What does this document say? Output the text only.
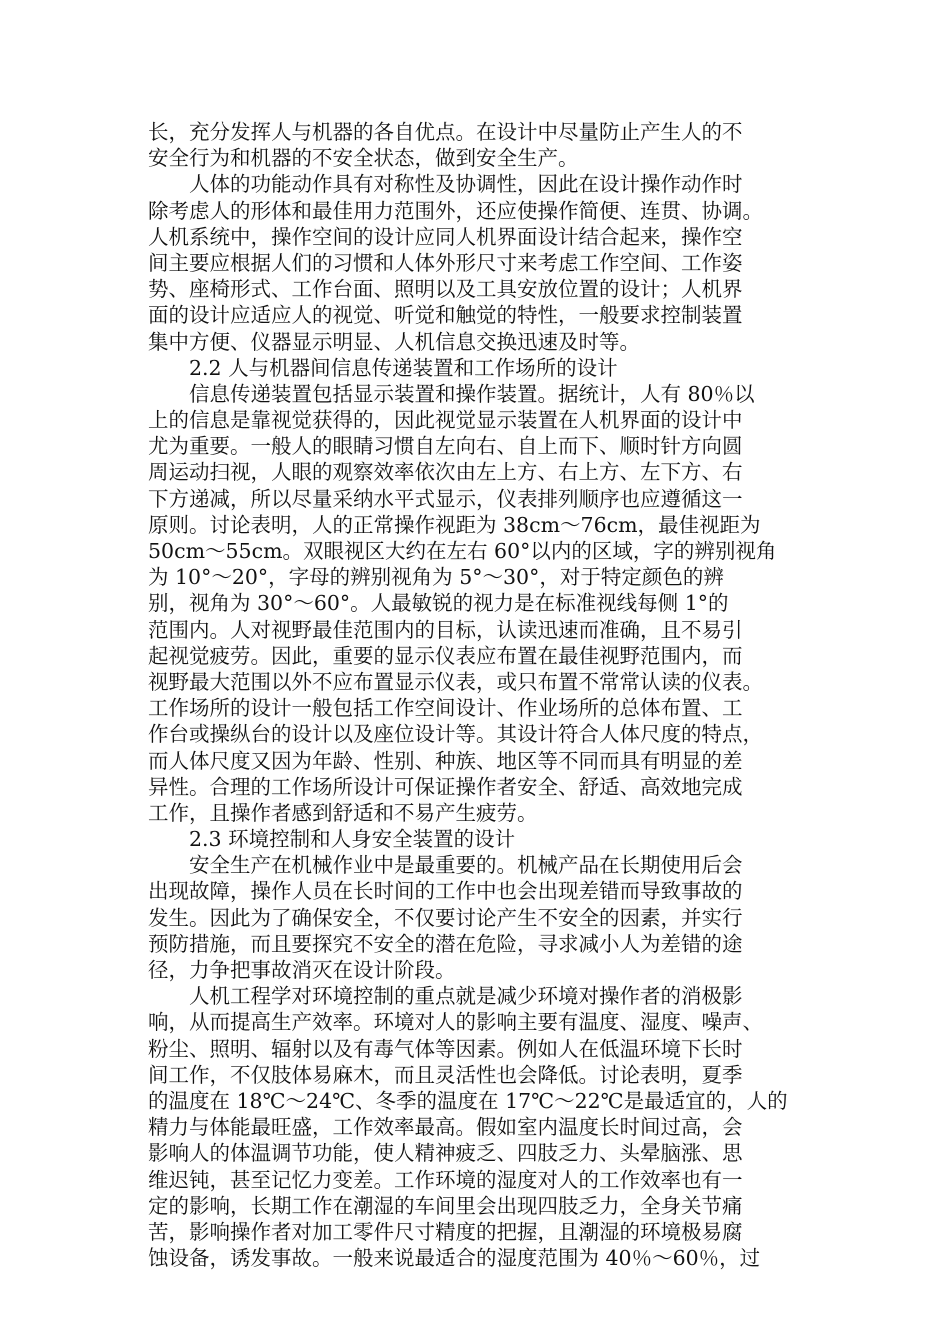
长，充分发挥人与机器的各自优点。在设计中尽量防止产生人的不
安全行为和机器的不安全状态，做到安全生产。
人体的功能动作具有对称性及协调性，因此在设计操作动作时
除考虑人的形体和最佳用力范围外，还应使操作简便、连贯、协调。
人机系统中，操作空间的设计应同人机界面设计结合起来，操作空
间主要应根据人们的习惯和人体外形尺寸来考虑工作空间、工作姿
势、座椅形式、工作台面、照明以及工具安放位置的设计；人机界
面的设计应适应人的视觉、听觉和触觉的特性，一般要求控制装置
集中方便、仪器显示明显、人机信息交换迅速及时等。
2.2 人与机器间信息传递装置和工作场所的设计
信息传递装置包括显示装置和操作装置。据统计，人有 80％以
上的信息是靠视觉获得的，因此视觉显示装置在人机界面的设计中
尤为重要。一般人的眼睛习惯自左向右、自上而下、顺时针方向圆
周运动扫视，人眼的观察效率依次由左上方、右上方、左下方、右
下方递减，所以尽量采纳水平式显示，仪表排列顺序也应遵循这一
原则。讨论表明，人的正常操作视距为 38cm～76cm，最佳视距为
50cm～55cm。双眼视区大约在左右 60°以内的区域，字的辨别视角
为 10°～20°，字母的辨别视角为 5°～30°，对于特定颜色的辨
别，视角为 30°～60°。人最敏锐的视力是在标准视线每侧 1°的
范围内。人对视野最佳范围内的目标，认读迅速而准确，且不易引
起视觉疲劳。因此，重要的显示仪表应布置在最佳视野范围内，而
视野最大范围以外不应布置显示仪表，或只布置不常常认读的仪表。
工作场所的设计一般包括工作空间设计、作业场所的总体布置、工
作台或操纵台的设计以及座位设计等。其设计符合人体尺度的特点，
而人体尺度又因为年龄、性别、种族、地区等不同而具有明显的差
异性。合理的工作场所设计可保证操作者安全、舒适、高效地完成
工作，且操作者感到舒适和不易产生疲劳。
2.3 环境控制和人身安全装置的设计
安全生产在机械作业中是最重要的。机械产品在长期使用后会
出现故障，操作人员在长时间的工作中也会出现差错而导致事故的
发生。因此为了确保安全，不仅要讨论产生不安全的因素，并实行
预防措施，而且要探究不安全的潜在危险，寻求减小人为差错的途
径，力争把事故消灭在设计阶段。
人机工程学对环境控制的重点就是减少环境对操作者的消极影
响，从而提高生产效率。环境对人的影响主要有温度、湿度、噪声、
粉尘、照明、辐射以及有毒气体等因素。例如人在低温环境下长时
间工作，不仅肢体易麻木，而且灵活性也会降低。讨论表明，夏季
的温度在 18℃～24℃、冬季的温度在 17℃～22℃是最适宜的，人的
精力与体能最旺盛，工作效率最高。假如室内温度长时间过高，会
影响人的体温调节功能，使人精神疲乏、四肢乏力、头晕脑涨、思
维迟钝，甚至记忆力变差。工作环境的湿度对人的工作效率也有一
定的影响，长期工作在潮湿的车间里会出现四肢乏力，全身关节痛
苦，影响操作者对加工零件尺寸精度的把握，且潮湿的环境极易腐
蚀设备，诱发事故。一般来说最适合的湿度范围为 40％～60％，过
